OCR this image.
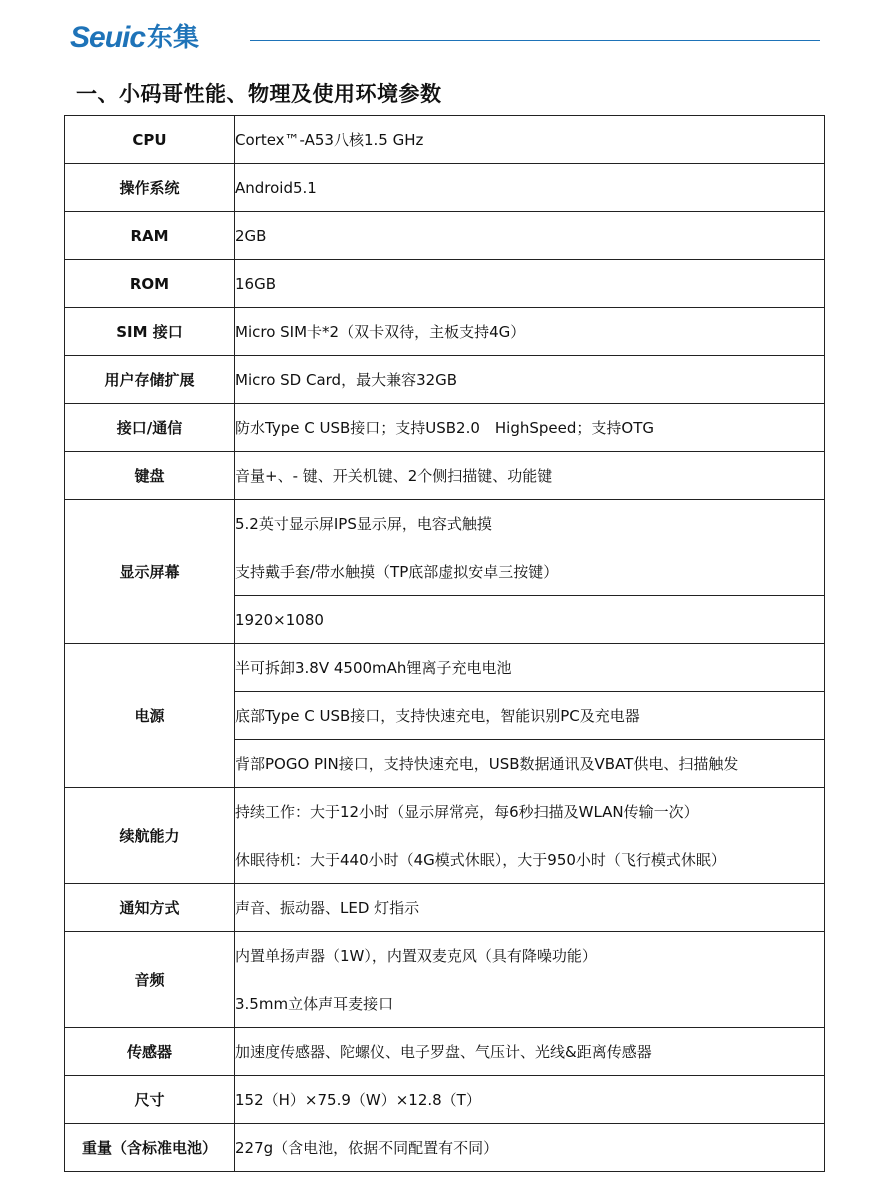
Seuic 东集
一、小码哥性能、物理及使用环境参数
CPU	Cortex™-A53八核1.5 GHz
操作系统	Android5.1
RAM	2GB
ROM	16GB
SIM 接口	Micro SIM卡*2（双卡双待，主板支持4G）
用户存储扩展	Micro SD Card，最大兼容32GB
接口/通信	防水Type C USB接口；支持USB2.0　HighSpeed；支持OTG
键盘	音量+、- 键、开关机键、2个侧扫描键、功能键
显示屏幕	5.2英寸显示屏IPS显示屏，电容式触摸
支持戴手套/带水触摸（TP底部虚拟安卓三按键）

	1920×1080
电源	半可拆卸3.8V 4500mAh锂离子充电电池
	底部Type C USB接口，支持快速充电，智能识别PC及充电器
	背部POGO PIN接口，支持快速充电，USB数据通讯及VBAT供电、扫描触发
续航能力	持续工作：大于12小时（显示屏常亮，每6秒扫描及WLAN传输一次）
休眠待机：大于440小时（4G模式休眠），大于950小时（飞行模式休眠）

通知方式	声音、振动器、LED 灯指示
音频	内置单扬声器（1W），内置双麦克风（具有降噪功能）
3.5mm立体声耳麦接口

传感器	加速度传感器、陀螺仪、电子罗盘、气压计、光线&距离传感器
尺寸	152（H）×75.9（W）×12.8（T）
重量（含标准电池）	227g（含电池，依据不同配置有不同）
